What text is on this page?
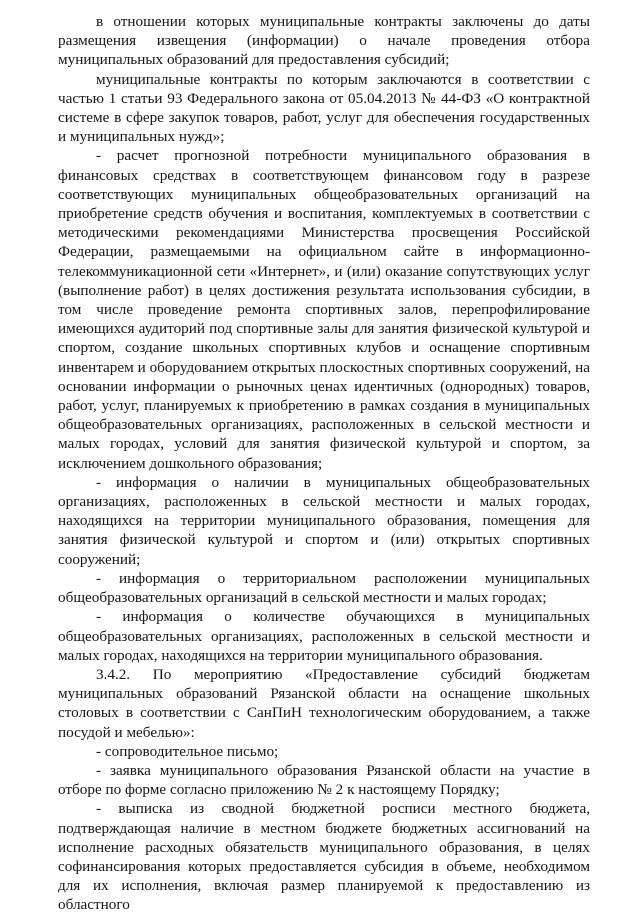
в отношении которых муниципальные контракты заключены до даты размещения извещения (информации) о начале проведения отбора муниципальных образований для предоставления субсидий;

муниципальные контракты по которым заключаются в соответствии с частью 1 статьи 93 Федерального закона от 05.04.2013 № 44-ФЗ «О контрактной системе в сфере закупок товаров, работ, услуг для обеспечения государственных и муниципальных нужд»;

- расчет прогнозной потребности муниципального образования в финансовых средствах в соответствующем финансовом году в разрезе соответствующих муниципальных общеобразовательных организаций на приобретение средств обучения и воспитания, комплектуемых в соответствии с методическими рекомендациями Министерства просвещения Российской Федерации, размещаемыми на официальном сайте в информационно-телекоммуникационной сети «Интернет», и (или) оказание сопутствующих услуг (выполнение работ) в целях достижения результата использования субсидии, в том числе проведение ремонта спортивных залов, перепрофилирование имеющихся аудиторий под спортивные залы для занятия физической культурой и спортом, создание школьных спортивных клубов и оснащение спортивным инвентарем и оборудованием открытых плоскостных спортивных сооружений, на основании информации о рыночных ценах идентичных (однородных) товаров, работ, услуг, планируемых к приобретению в рамках создания в муниципальных общеобразовательных организациях, расположенных в сельской местности и малых городах, условий для занятия физической культурой и спортом, за исключением дошкольного образования;

- информация о наличии в муниципальных общеобразовательных организациях, расположенных в сельской местности и малых городах, находящихся на территории муниципального образования, помещения для занятия физической культурой и спортом и (или) открытых спортивных сооружений;

- информация о территориальном расположении муниципальных общеобразовательных организаций в сельской местности и малых городах;

- информация о количестве обучающихся в муниципальных общеобразовательных организациях, расположенных в сельской местности и малых городах, находящихся на территории муниципального образования.

3.4.2. По мероприятию «Предоставление субсидий бюджетам муниципальных образований Рязанской области на оснащение школьных столовых в соответствии с СанПиН технологическим оборудованием, а также посудой и мебелью»:

- сопроводительное письмо;

- заявка муниципального образования Рязанской области на участие в отборе по форме согласно приложению № 2 к настоящему Порядку;

- выписка из сводной бюджетной росписи местного бюджета, подтверждающая наличие в местном бюджете бюджетных ассигнований на исполнение расходных обязательств муниципального образования, в целях софинансирования которых предоставляется субсидия в объеме, необходимом для их исполнения, включая размер планируемой к предоставлению из областного
